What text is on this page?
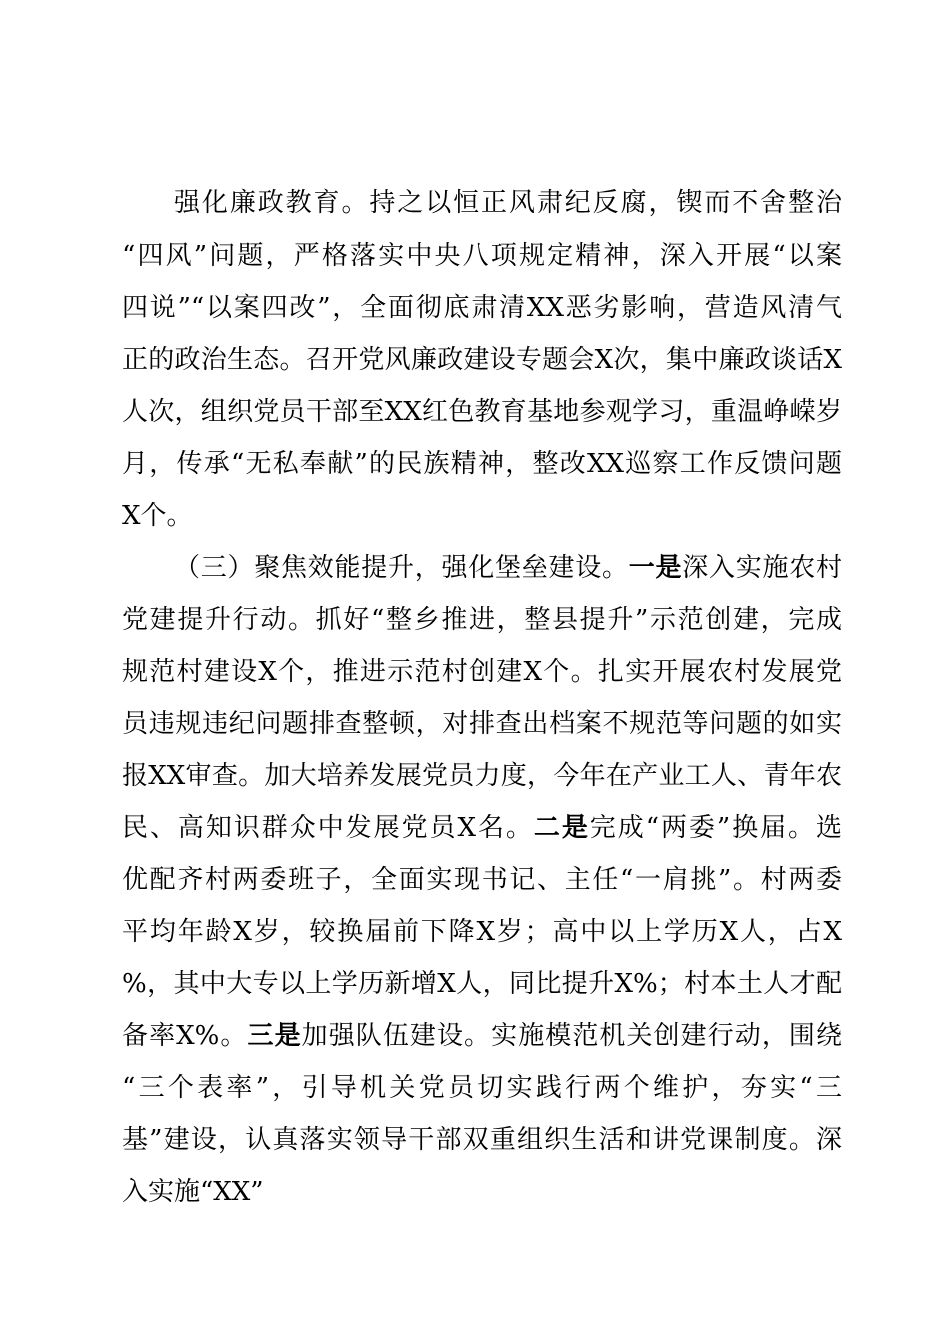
强化廉政教育。持之以恒正风肃纪反腐，锲而不舍整治
“四风”问题，严格落实中央八项规定精神，深入开展“以案
四说”“以案四改”，全面彻底肃清XX恶劣影响，营造风清气
正的政治生态。召开党风廉政建设专题会X次，集中廉政谈话X
人次，组织党员干部至XX红色教育基地参观学习，重温峥嵘岁
月，传承“无私奉献”的民族精神，整改XX巡察工作反馈问题
X个。
（三）聚焦效能提升，强化堡垒建设。一是深入实施农村
党建提升行动。抓好“整乡推进，整县提升”示范创建，完成
规范村建设X个，推进示范村创建X个。扎实开展农村发展党
员违规违纪问题排查整顿，对排查出档案不规范等问题的如实
报XX审查。加大培养发展党员力度，今年在产业工人、青年农
民、高知识群众中发展党员X名。二是完成“两委”换届。选
优配齐村两委班子，全面实现书记、主任“一肩挑”。村两委
平均年龄X岁，较换届前下降X岁；高中以上学历X人，占X
%，其中大专以上学历新增X人，同比提升X%；村本土人才配
备率X%。三是加强队伍建设。实施模范机关创建行动，围绕
“三个表率”，引导机关党员切实践行两个维护，夯实“三
基”建设，认真落实领导干部双重组织生活和讲党课制度。深
入实施“XX”
